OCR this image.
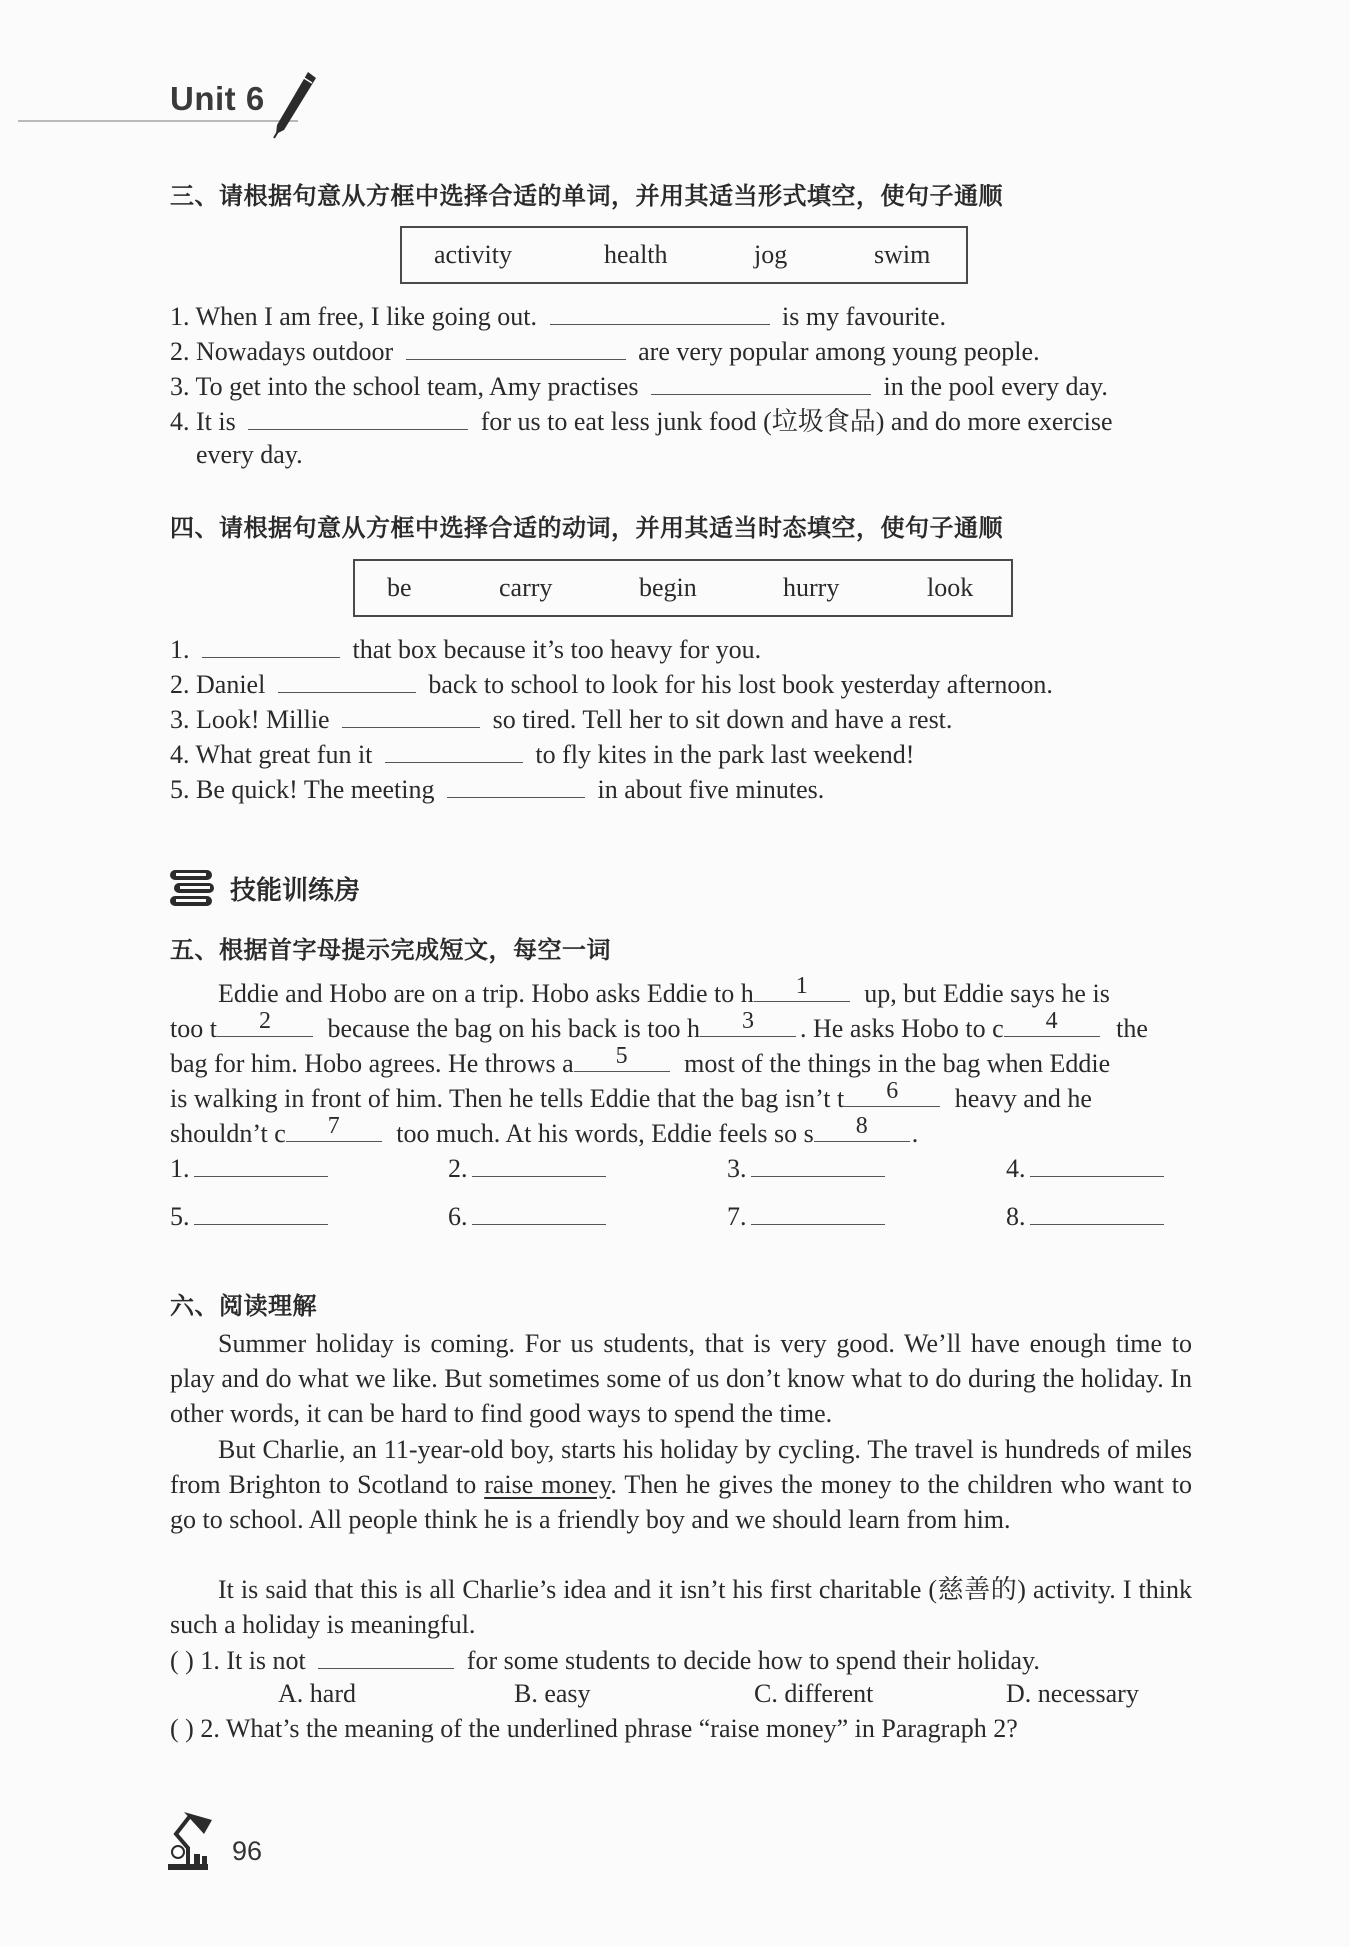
Unit 6
三、请根据句意从方框中选择合适的单词，并用其适当形式填空，使句子通顺
activity	health	jog	swim
1. When I am free, I like going out.	is my favourite.
2. Nowadays outdoor	are very popular among young people.
3. To get into the school team, Amy practises	in the pool every day.
4. It is	for us to eat less junk food (垃圾食品) and do more exercise
every day.
四、请根据句意从方框中选择合适的动词，并用其适当时态填空，使句子通顺
be	carry	begin	hurry	look
1.	that box because it’s too heavy for you.
2. Daniel	back to school to look for his lost book yesterday afternoon.
3. Look! Millie	so tired. Tell her to sit down and have a rest.
4. What great fun it	to fly kites in the park last weekend!
5. Be quick! The meeting	in about five minutes.
技能训练房
五、根据首字母提示完成短文，每空一词
Eddie and Hobo are on a trip. Hobo asks Eddie to h	1	up, but Eddie says he is
too t	2	because the bag on his back is too h	3	. He asks Hobo to c	4	the
bag for him. Hobo agrees. He throws a	5	most of the things in the bag when Eddie
is walking in front of him. Then he tells Eddie that the bag isn’t t	6	heavy and he
shouldn’t c	7	too much. At his words, Eddie feels so s	8	.
1.	2.	3.	4.
5.	6.	7.	8.
六、阅读理解
Summer holiday is coming. For us students, that is very good. We’ll have enough time to play and do what we like. But sometimes some of us don’t know what to do during the holiday. In other words, it can be hard to find good ways to spend the time.
But Charlie, an 11-year-old boy, starts his holiday by cycling. The travel is hundreds of miles from Brighton to Scotland to raise money. Then he gives the money to the children who want to go to school. All people think he is a friendly boy and we should learn from him.
It is said that this is all Charlie’s idea and it isn’t his first charitable (慈善的) activity. I think such a holiday is meaningful.
( ) 1. It is not	for some students to decide how to spend their holiday.
A. hard	B. easy	C. different	D. necessary
( ) 2. What’s the meaning of the underlined phrase “raise money” in Paragraph 2?
96
